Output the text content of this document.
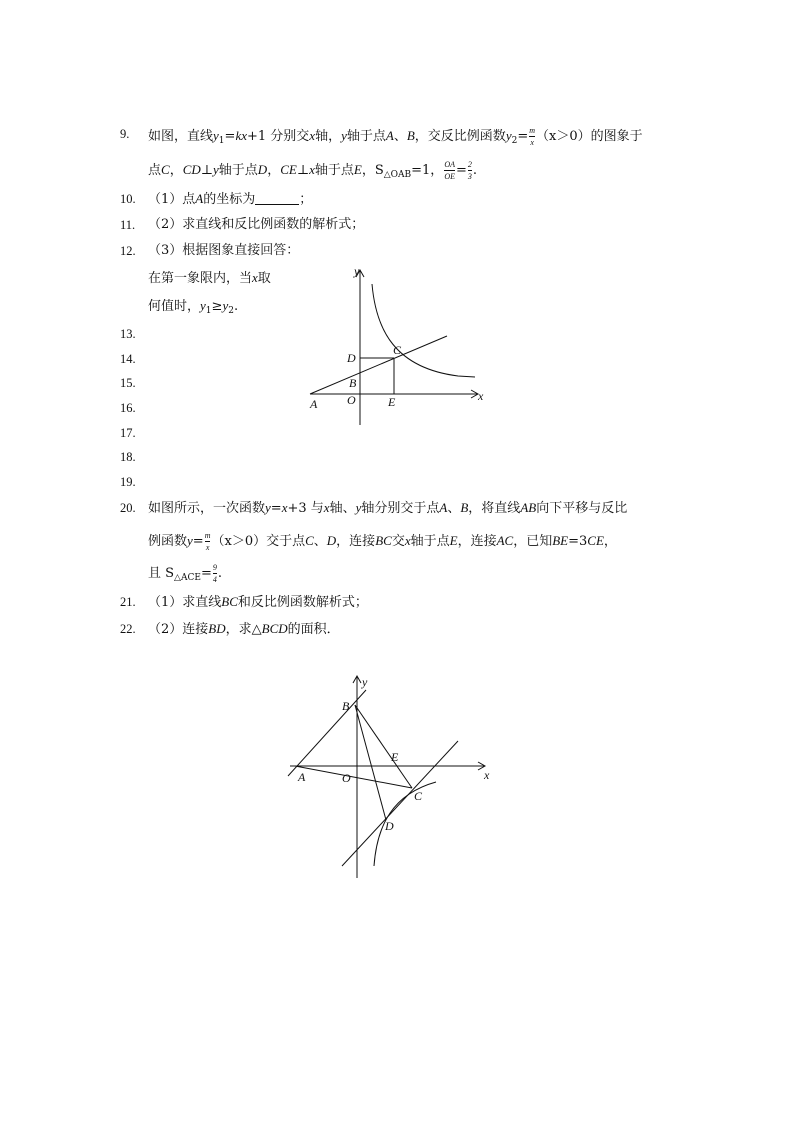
9. 如图，直线$y_1=kx+1$ 分别交x轴，y轴于点A、B，交反比例函数$y_2= \frac{m}{x} (x>0)$的图象于
点C，CD⊥y轴于点D，CE⊥x轴于点E，$S_{\triangle OAB}=1$， $\frac{OA}{OE} = \frac{2}{3}$ .
10. （1）点A的坐标为	；
11. （2）求直线和反比例函数的解析式；
12. （3）根据图象直接回答：
在第一象限内，当x取
何值时，$y_1\ge y_2$.
13.
14.
15.
16.
17.
18.
19.
y
x
C
D
B
O
A	E
20. 如图所示，一次函数y=x+3 与x轴、y轴分别交于点A、B，将直线AB向下平移与反比
例函数$y= \frac{m}{x} (x>0)$交于点C、D，连接BC交x轴于点E，连接AC，已知BE=3CE，
且 $S_{\triangle ACE}= \frac{9}{4}$ .
21. （1）求直线BC和反比例函数解析式；
22. （2）连接BD，求△BCD的面积．
y
x
B
E
A	O
C
D
